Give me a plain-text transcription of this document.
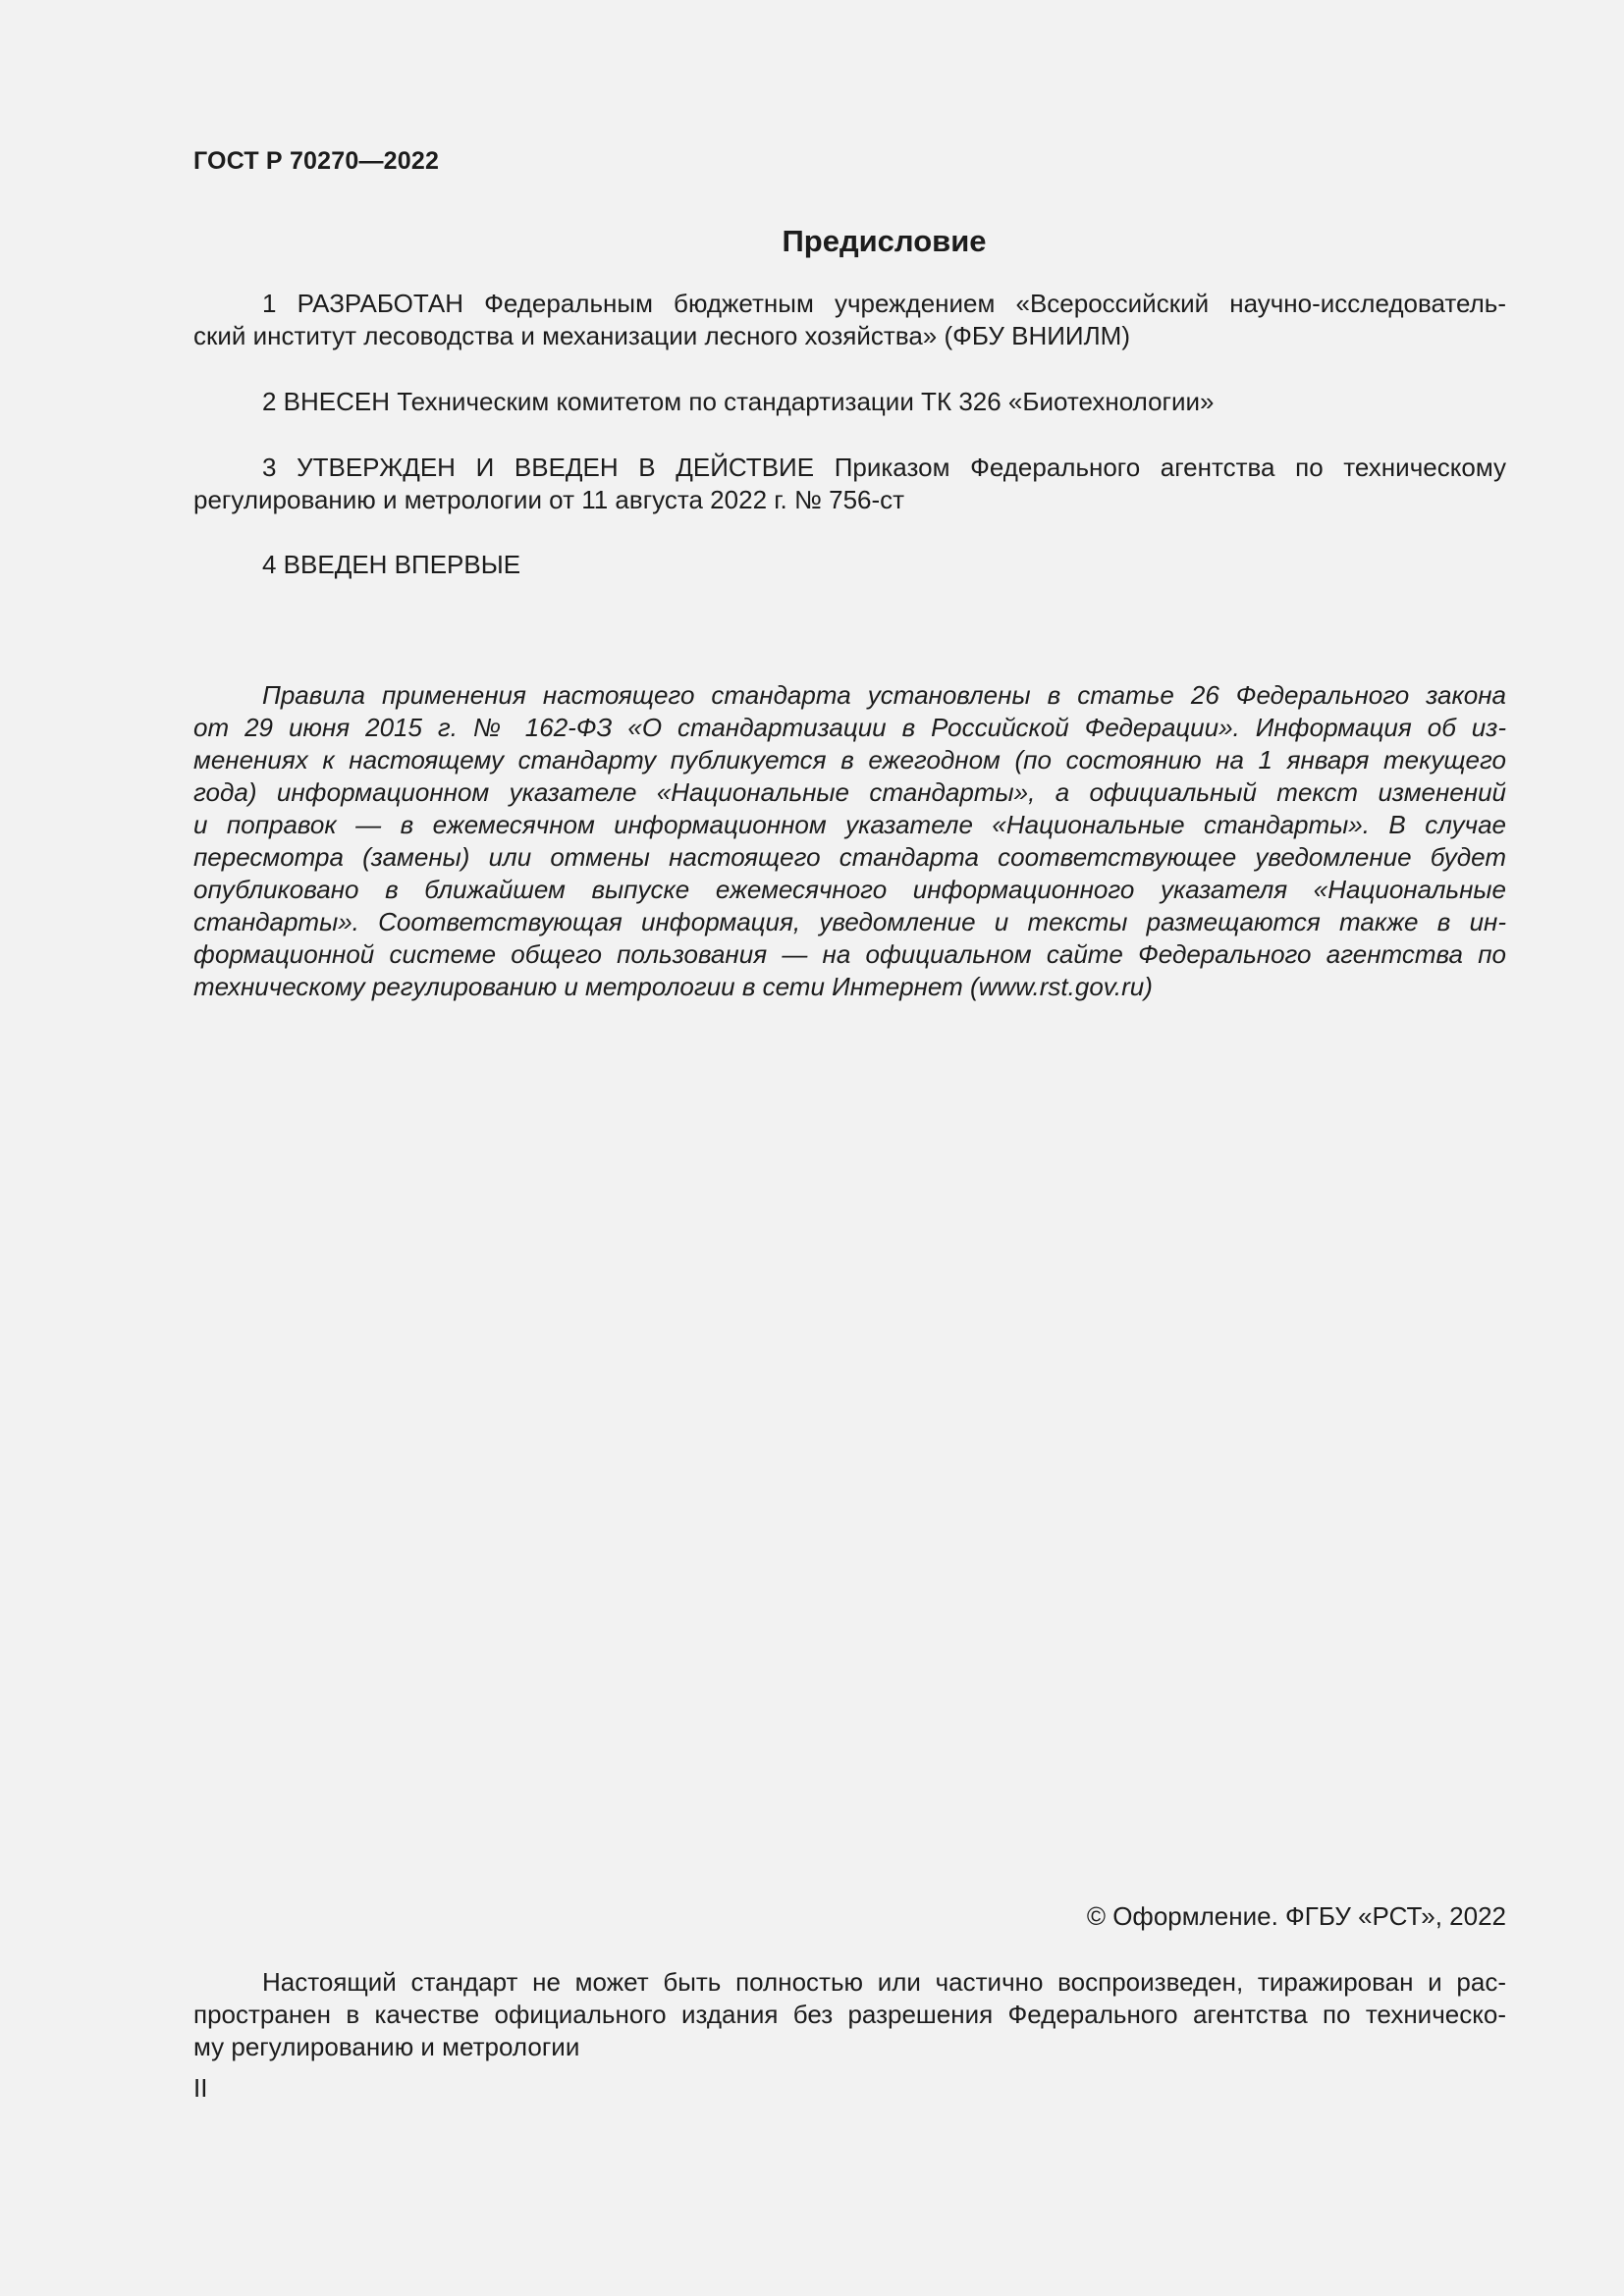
ГОСТ Р 70270—2022
Предисловие
1 РАЗРАБОТАН Федеральным бюджетным учреждением «Всероссийский научно-исследователь-
ский институт лесоводства и механизации лесного хозяйства» (ФБУ ВНИИЛМ)
2 ВНЕСЕН Техническим комитетом по стандартизации ТК 326 «Биотехнологии»
3 УТВЕРЖДЕН И ВВЕДЕН В ДЕЙСТВИЕ Приказом Федерального агентства по техническому
регулированию и метрологии от 11 августа 2022 г. № 756-ст
4 ВВЕДЕН ВПЕРВЫЕ
Правила применения настоящего стандарта установлены в статье 26 Федерального закона
от 29 июня 2015 г. № 162-ФЗ «О стандартизации в Российской Федерации». Информация об из-
менениях к настоящему стандарту публикуется в ежегодном (по состоянию на 1 января текущего
года) информационном указателе «Национальные стандарты», а официальный текст изменений
и поправок — в ежемесячном информационном указателе «Национальные стандарты». В случае
пересмотра (замены) или отмены настоящего стандарта соответствующее уведомление будет
опубликовано в ближайшем выпуске ежемесячного информационного указателя «Национальные
стандарты». Соответствующая информация, уведомление и тексты размещаются также в ин-
формационной системе общего пользования — на официальном сайте Федерального агентства по
техническому регулированию и метрологии в сети Интернет (www.rst.gov.ru)
© Оформление. ФГБУ «РСТ», 2022
Настоящий стандарт не может быть полностью или частично воспроизведен, тиражирован и рас-
пространен в качестве официального издания без разрешения Федерального агентства по техническо-
му регулированию и метрологии
II
